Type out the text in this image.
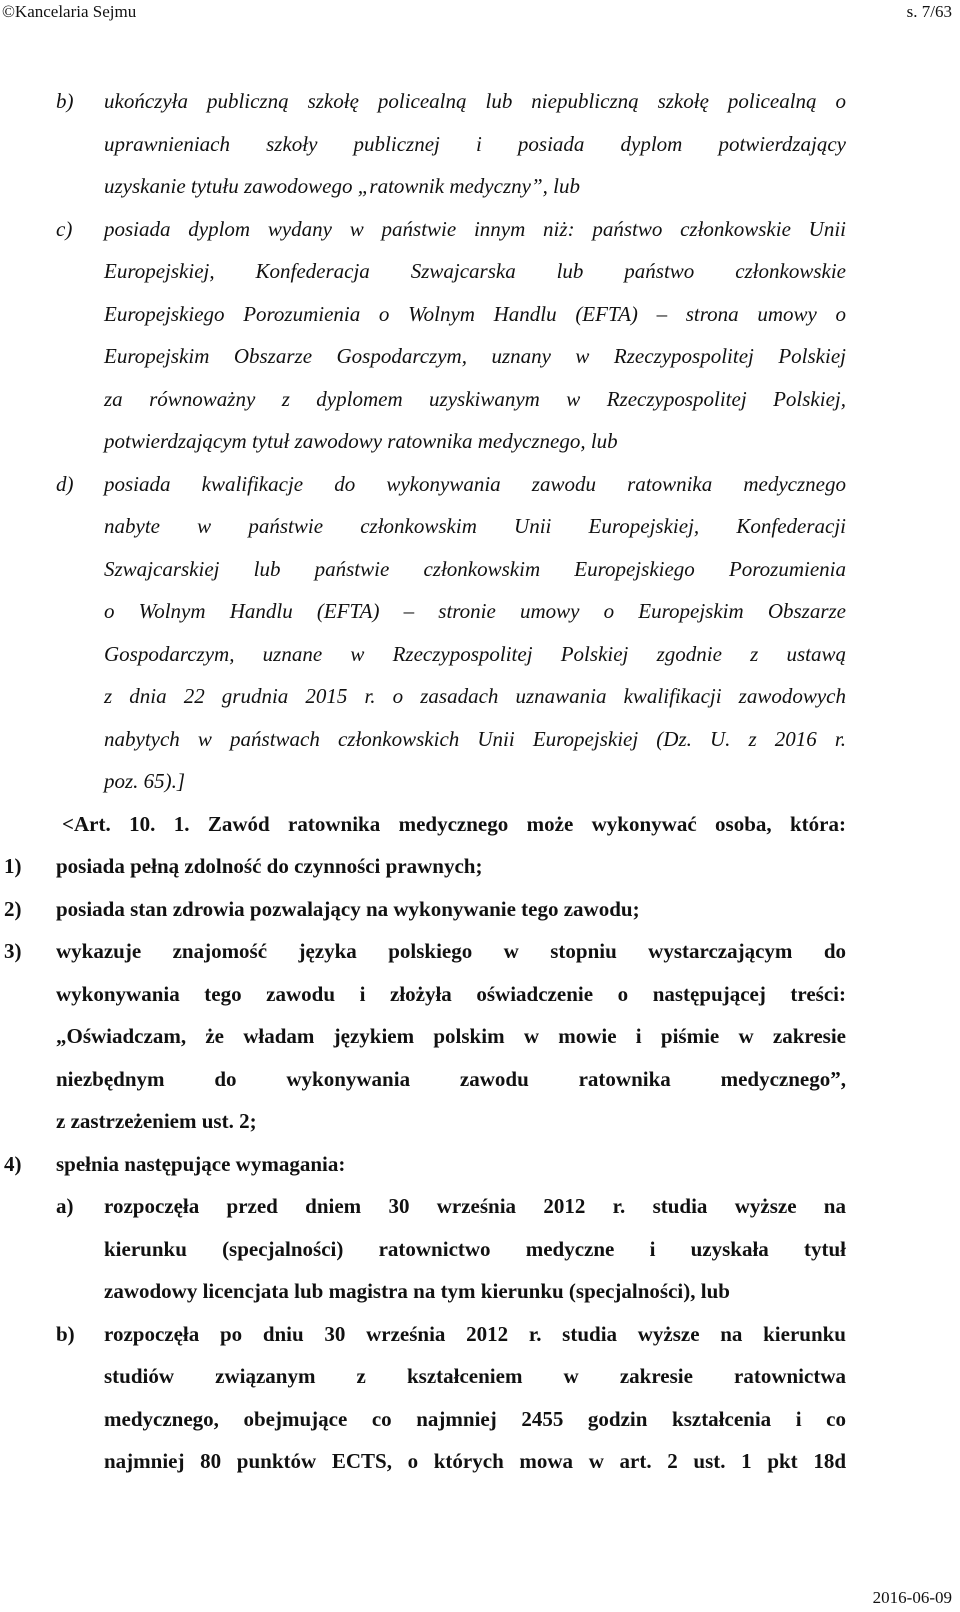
©Kancelaria Sejmu	s. 7/63
b) ukończyła publiczną szkołę policealną lub niepubliczną szkołę policealną o
uprawnieniach szkoły publicznej i posiada dyplom potwierdzający
uzyskanie tytułu zawodowego „ratownik medyczny”, lub
c) posiada dyplom wydany w państwie innym niż: państwo członkowskie Unii
Europejskiej, Konfederacja Szwajcarska lub państwo członkowskie
Europejskiego Porozumienia o Wolnym Handlu (EFTA) – strona umowy o
Europejskim Obszarze Gospodarczym, uznany w Rzeczypospolitej Polskiej
za równoważny z dyplomem uzyskiwanym w Rzeczypospolitej Polskiej,
potwierdzającym tytuł zawodowy ratownika medycznego, lub
d) posiada kwalifikacje do wykonywania zawodu ratownika medycznego
nabyte w państwie członkowskim Unii Europejskiej, Konfederacji
Szwajcarskiej lub państwie członkowskim Europejskiego Porozumienia
o Wolnym Handlu (EFTA) – stronie umowy o Europejskim Obszarze
Gospodarczym, uznane w Rzeczypospolitej Polskiej zgodnie z ustawą
z dnia 22 grudnia 2015 r. o zasadach uznawania kwalifikacji zawodowych
nabytych w państwach członkowskich Unii Europejskiej (Dz. U. z 2016 r.
poz. 65).]
<Art. 10. 1. Zawód ratownika medycznego może wykonywać osoba, która:
1) posiada pełną zdolność do czynności prawnych;
2) posiada stan zdrowia pozwalający na wykonywanie tego zawodu;
3) wykazuje znajomość języka polskiego w stopniu wystarczającym do
wykonywania tego zawodu i złożyła oświadczenie o następującej treści:
„Oświadczam, że władam językiem polskim w mowie i piśmie w zakresie
niezbędnym do wykonywania zawodu ratownika medycznego”,
z zastrzeżeniem ust. 2;
4) spełnia następujące wymagania:
a) rozpoczęła przed dniem 30 września 2012 r. studia wyższe na
kierunku (specjalności) ratownictwo medyczne i uzyskała tytuł
zawodowy licencjata lub magistra na tym kierunku (specjalności), lub
b) rozpoczęła po dniu 30 września 2012 r. studia wyższe na kierunku
studiów związanym z kształceniem w zakresie ratownictwa
medycznego, obejmujące co najmniej 2455 godzin kształcenia i co
najmniej 80 punktów ECTS, o których mowa w art. 2 ust. 1 pkt 18d
2016-06-09
